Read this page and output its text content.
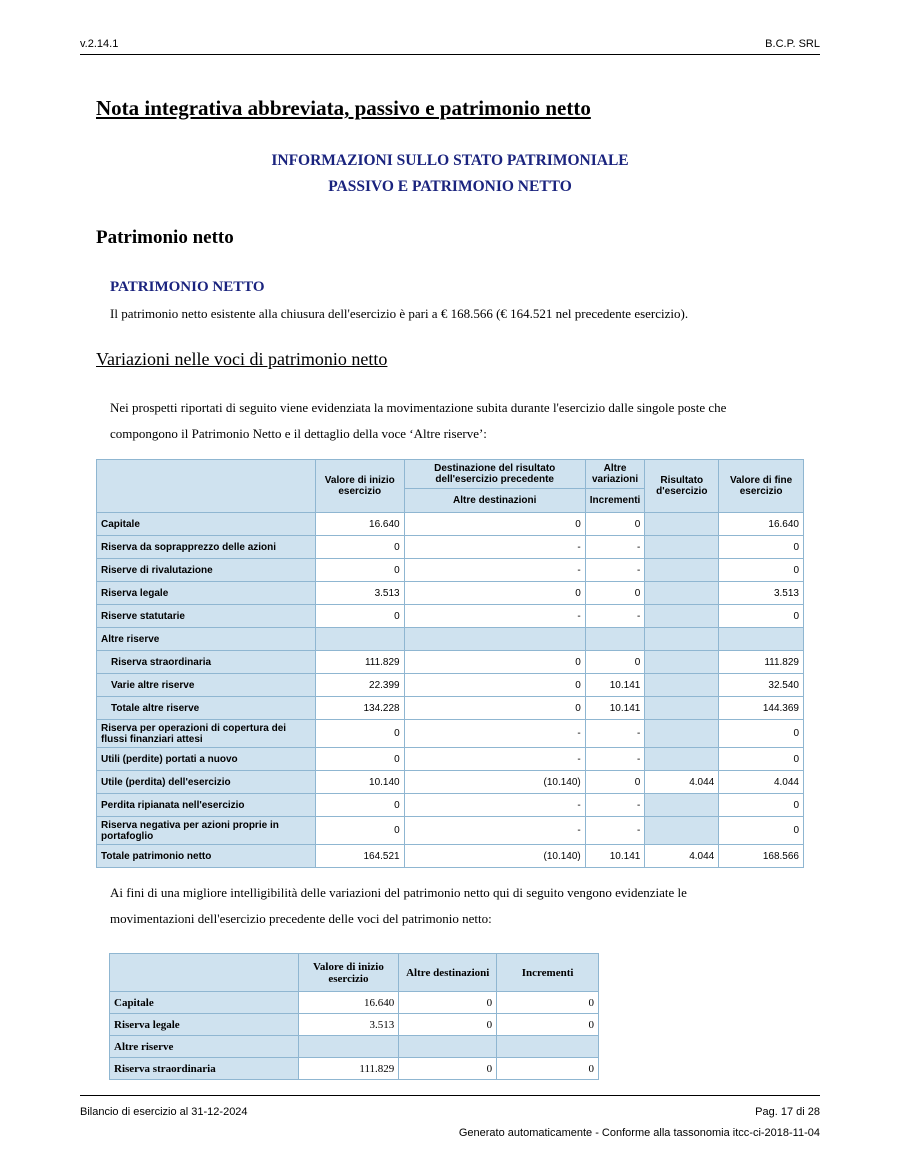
v.2.14.1	B.C.P. SRL
Nota integrativa abbreviata, passivo e patrimonio netto
INFORMAZIONI SULLO STATO PATRIMONIALE
PASSIVO E PATRIMONIO NETTO
Patrimonio netto
PATRIMONIO NETTO
Il patrimonio netto esistente alla chiusura dell'esercizio è pari a € 168.566 (€ 164.521 nel precedente esercizio).
Variazioni nelle voci di patrimonio netto
Nei prospetti riportati di seguito viene evidenziata la movimentazione subita durante l'esercizio dalle singole poste che
compongono il Patrimonio Netto e il dettaglio della voce ‘Altre riserve’:
	Valore di inizio esercizio	Destinazione del risultato dell'esercizio precedente	Altre variazioni	Risultato d'esercizio	Valore di fine esercizio
		Altre destinazioni	Incrementi		
Capitale	16.640	0	0		16.640
Riserva da soprapprezzo delle azioni	0	-	-		0
Riserve di rivalutazione	0	-	-		0
Riserva legale	3.513	0	0		3.513
Riserve statutarie	0	-	-		0
Altre riserve					
Riserva straordinaria	111.829	0	0		111.829
Varie altre riserve	22.399	0	10.141		32.540
Totale altre riserve	134.228	0	10.141		144.369
Riserva per operazioni di copertura dei flussi finanziari attesi	0	-	-		0
Utili (perdite) portati a nuovo	0	-	-		0
Utile (perdita) dell'esercizio	10.140	(10.140)	0	4.044	4.044
Perdita ripianata nell'esercizio	0	-	-		0
Riserva negativa per azioni proprie in portafoglio	0	-	-		0
Totale patrimonio netto	164.521	(10.140)	10.141	4.044	168.566
Ai fini di una migliore intelligibilità delle variazioni del patrimonio netto qui di seguito vengono evidenziate le
movimentazioni dell'esercizio precedente delle voci del patrimonio netto:
	Valore di inizio esercizio	Altre destinazioni	Incrementi
Capitale	16.640	0	0
Riserva legale	3.513	0	0
Altre riserve			
Riserva straordinaria	111.829	0	0
Bilancio di esercizio al 31-12-2024	Pag. 17 di 28
Generato automaticamente - Conforme alla tassonomia itcc-ci-2018-11-04
